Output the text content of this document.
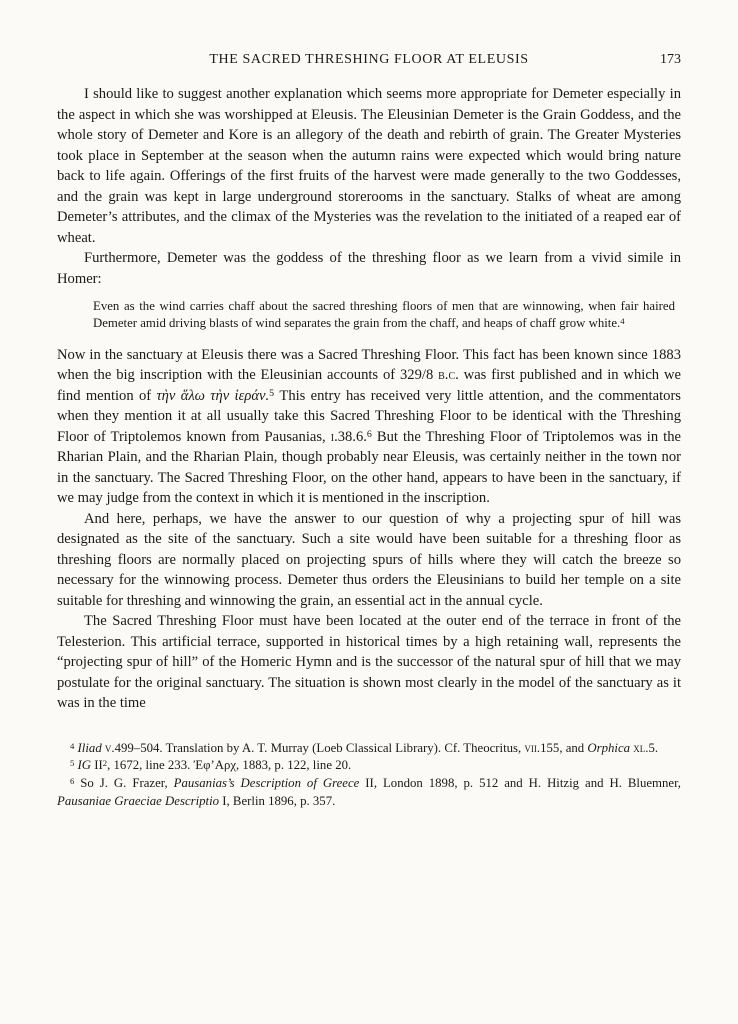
THE SACRED THRESHING FLOOR AT ELEUSIS	173

I should like to suggest another explanation which seems more appropriate for Demeter especially in the aspect in which she was worshipped at Eleusis. The Eleusinian Demeter is the Grain Goddess, and the whole story of Demeter and Kore is an allegory of the death and rebirth of grain. The Greater Mysteries took place in September at the season when the autumn rains were expected which would bring nature back to life again. Offerings of the first fruits of the harvest were made generally to the two Goddesses, and the grain was kept in large underground storerooms in the sanctuary. Stalks of wheat are among Demeter’s attributes, and the climax of the Mysteries was the revelation to the initiated of a reaped ear of wheat.

Furthermore, Demeter was the goddess of the threshing floor as we learn from a vivid simile in Homer:

Even as the wind carries chaff about the sacred threshing floors of men that are winnowing, when fair haired Demeter amid driving blasts of wind separates the grain from the chaff, and heaps of chaff grow white.$^4$

Now in the sanctuary at Eleusis there was a Sacred Threshing Floor. This fact has been known since 1883 when the big inscription with the Eleusinian accounts of 329/8 b.c. was first published and in which we find mention of τὴν ἅλω τὴν ἱεράν.$^5$ This entry has received very little attention, and the commentators when they mention it at all usually take this Sacred Threshing Floor to be identical with the Threshing Floor of Triptolemos known from Pausanias, i.38.6.$^6$ But the Threshing Floor of Triptolemos was in the Rharian Plain, and the Rharian Plain, though probably near Eleusis, was certainly neither in the town nor in the sanctuary. The Sacred Threshing Floor, on the other hand, appears to have been in the sanctuary, if we may judge from the context in which it is mentioned in the inscription.

And here, perhaps, we have the answer to our question of why a projecting spur of hill was designated as the site of the sanctuary. Such a site would have been suitable for a threshing floor as threshing floors are normally placed on projecting spurs of hills where they will catch the breeze so necessary for the winnowing process. Demeter thus orders the Eleusinians to build her temple on a site suitable for threshing and winnowing the grain, an essential act in the annual cycle.

The Sacred Threshing Floor must have been located at the outer end of the terrace in front of the Telesterion. This artificial terrace, supported in historical times by a high retaining wall, represents the “projecting spur of hill” of the Homeric Hymn and is the successor of the natural spur of hill that we may postulate for the original sanctuary. The situation is shown most clearly in the model of the sanctuary as it was in the time

$^4$ Iliad v.499–504. Translation by A. T. Murray (Loeb Classical Library). Cf. Theocritus, vii.155, and Orphica xl.5.

$^5$ IG $II^2$, 1672, line 233. Ἐφ’Αρχ, 1883, p. 122, line 20.

$^6$ So J. G. Frazer, Pausanias’s Description of Greece II, London 1898, p. 512 and H. Hitzig and H. Bluemner, Pausaniae Graeciae Descriptio I, Berlin 1896, p. 357.
